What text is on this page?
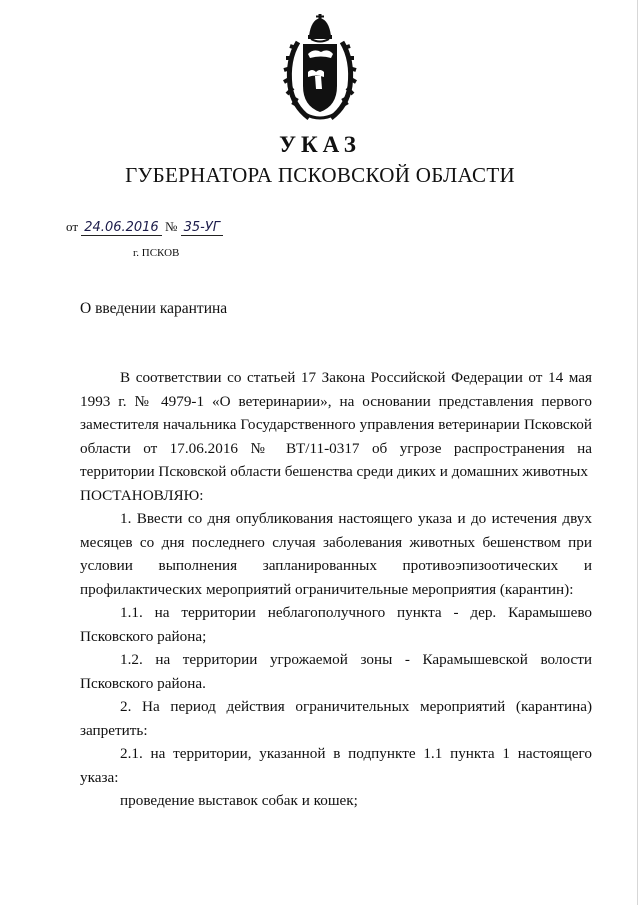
УКАЗ
ГУБЕРНАТОРА ПСКОВСКОЙ ОБЛАСТИ
от 24.06.2016 № 35-УГ
г. ПСКОВ
О введении карантина

В соответствии со статьей 17 Закона Российской Федерации от 14 мая 1993 г. № 4979-1 «О ветеринарии», на основании представления первого заместителя начальника Государственного управления ветеринарии Псковской области от 17.06.2016 № ВТ/11-0317 об угрозе распространения на территории Псковской области бешенства среди диких и домашних животных

ПОСТАНОВЛЯЮ:

1. Ввести со дня опубликования настоящего указа и до истечения двух месяцев со дня последнего случая заболевания животных бешенством при условии выполнения запланированных противоэпизоотических и профилактических мероприятий ограничительные мероприятия (карантин):

1.1. на территории неблагополучного пункта - дер. Карамышево Псковского района;

1.2. на территории угрожаемой зоны - Карамышевской волости Псковского района.

2. На период действия ограничительных мероприятий (карантина) запретить:

2.1. на территории, указанной в подпункте 1.1 пункта 1 настоящего указа:

проведение выставок собак и кошек;
